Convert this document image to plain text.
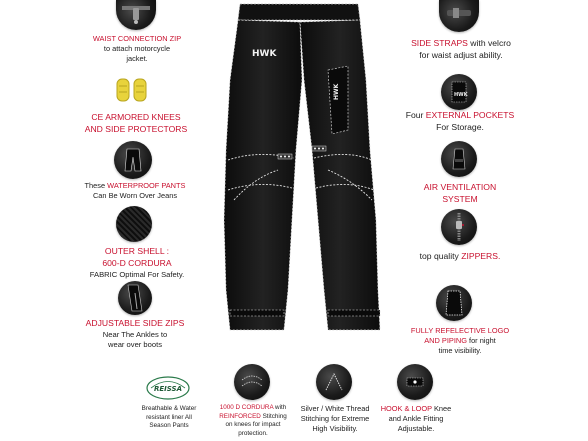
WAIST CONNECTION ZIP
to attach motorcycle
jacket.
CE ARMORED KNEES
AND SIDE PROTECTORS
These WATERPROOF PANTS
Can Be Worn Over Jeans
OUTER SHELL :
600-D CORDURA
FABRIC Optimal For Safety.
ADJUSTABLE SIDE ZIPS
Near The Ankles to
wear over boots
HWK
HWK
SIDE STRAPS with velcro
for waist adjust ability.
HWK
Four EXTERNAL POCKETS
For Storage.
AIR VENTILATION
SYSTEM
top quality ZIPPERS.
FULLY REFELECTIVE LOGO
AND PIPING for night
time visibility.
REISSA
Breathable & Water
resistant liner All
Season Pants
1000 D CORDURA with
REINFORCED Stitching
on knees for impact
protection.
Silver / White Thread
Stitching for Extreme
High Visibility.
HOOK & LOOP Knee
and Ankle Fitting
Adjustable.
